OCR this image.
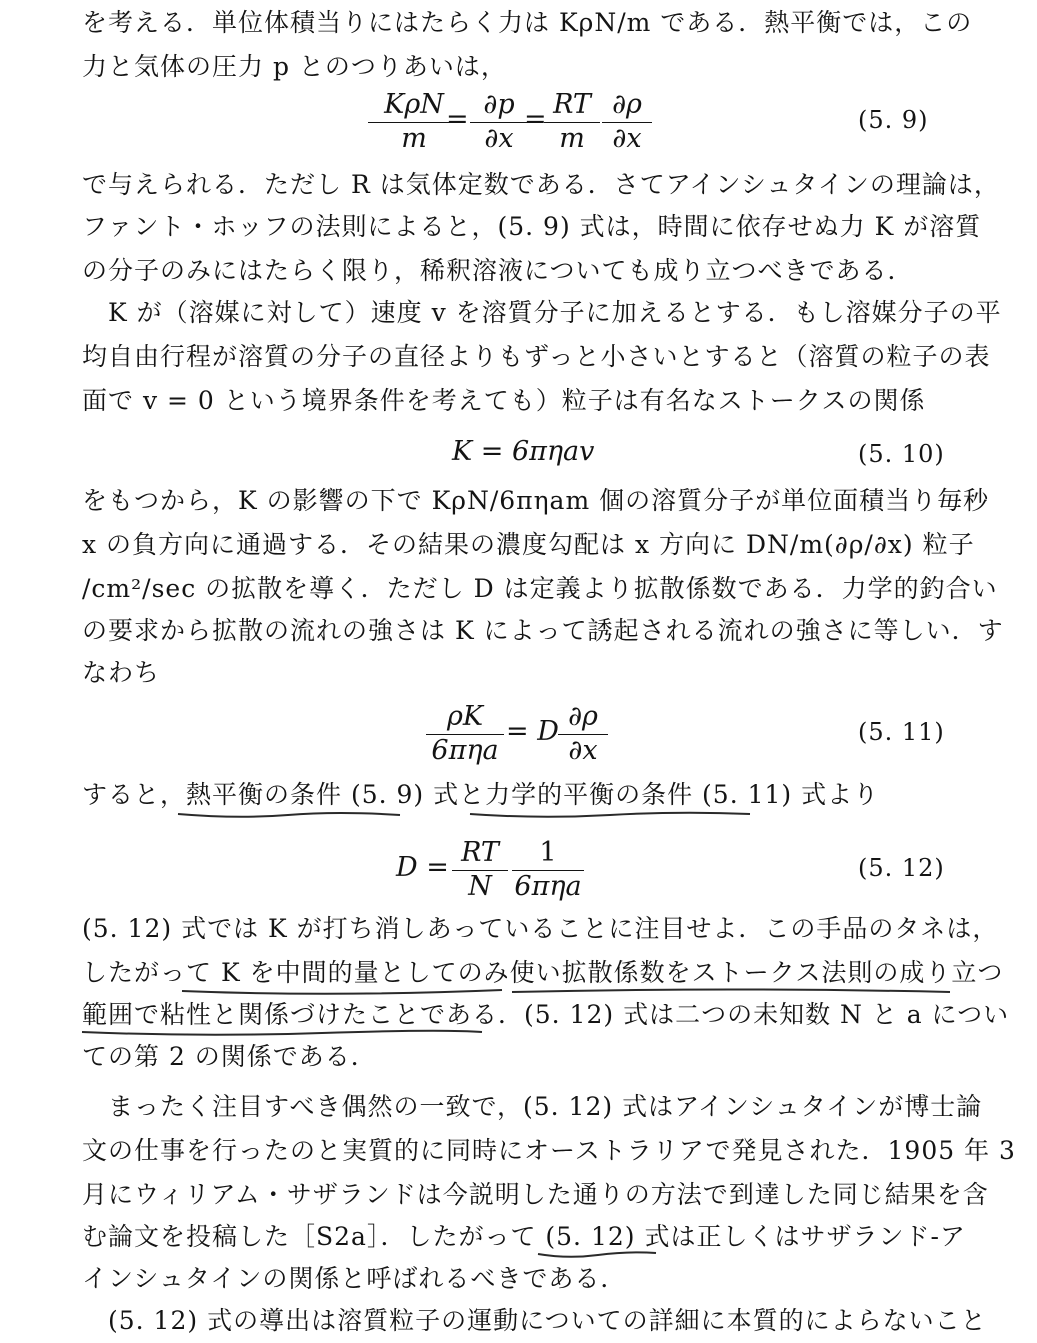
を考える．単位体積当りにはたらく力は KρN/m である．熱平衡では，この
力と気体の圧力 p とのつりあいは，
KρN
m
= $\frac{\partial p}{\partial x}$
=
$\frac{RT}{m} \frac{\partial\rho}{\partial x}$	(5. 9)
で与えられる．ただし R は気体定数である．さてアインシュタインの理論は，
ファント・ホッフの法則によると，(5. 9) 式は，時間に依存せぬ力 K が溶質
の分子のみにはたらく限り，稀釈溶液についても成り立つべきである．
K が（溶媒に対して）速度 v を溶質分子に加えるとする．もし溶媒分子の平
均自由行程が溶質の分子の直径よりもずっと小さいとすると（溶質の粒子の表
面で v = 0 という境界条件を考えても）粒子は有名なストークスの関係
K = 6πηav	(5. 10)
をもつから，K の影響の下で KρN/6πηam 個の溶質分子が単位面積当り毎秒
x の負方向に通過する．その結果の濃度勾配は x 方向に DN/m(∂ρ/∂x) 粒子
/cm²/sec の拡散を導く．ただし D は定義より拡散係数である．力学的釣合い
の要求から拡散の流れの強さは K によって誘起される流れの強さに等しい．す
なわち
ρK
6πηa
= D $\frac{\partial\rho}{\partial x}$	(5. 11)
すると，熱平衡の条件 (5. 9) 式と力学的平衡の条件 (5. 11) 式より
$D = \frac{RT}{N}$	1
6πηa
(5. 12)
(5. 12) 式では K が打ち消しあっていることに注目せよ．この手品のタネは，
したがって K を中間的量としてのみ使い拡散係数をストークス法則の成り立つ
範囲で粘性と関係づけたことである．(5. 12) 式は二つの未知数 N と a につい
ての第 2 の関係である．
まったく注目すべき偶然の一致で，(5. 12) 式はアインシュタインが博士論
文の仕事を行ったのと実質的に同時にオーストラリアで発見された．1905 年 3
月にウィリアム・サザランドは今説明した通りの方法で到達した同じ結果を含
む論文を投稿した［S2a］．したがって (5. 12) 式は正しくはサザランド-ア
インシュタインの関係と呼ばれるべきである．
(5. 12) 式の導出は溶質粒子の運動についての詳細に本質的によらないこと
